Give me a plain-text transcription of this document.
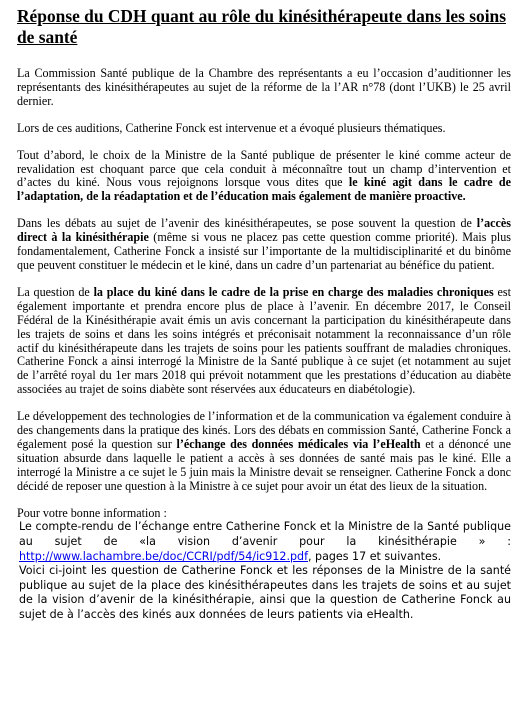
Réponse du CDH quant au rôle du kinésithérapeute dans les soins de santé

La Commission Santé publique de la Chambre des représentants a eu l’occasion d’auditionner les représentants des kinésithérapeutes au sujet de la réforme de la l’AR n°78 (dont l’UKB) le 25 avril dernier.

Lors de ces auditions, Catherine Fonck est intervenue et a évoqué plusieurs thématiques.

Tout d’abord, le choix de la Ministre de la Santé publique de présenter le kiné comme acteur de revalidation est choquant parce que cela conduit à méconnaître tout un champ d’intervention et d’actes du kiné. Nous vous rejoignons lorsque vous dites que le kiné agit dans le cadre de l’adaptation, de la réadaptation et de l’éducation mais également de manière proactive.

Dans les débats au sujet de l’avenir des kinésithérapeutes, se pose souvent la question de l’accès direct à la kinésithérapie (même si vous ne placez pas cette question comme priorité). Mais plus fondamentalement, Catherine Fonck a insisté sur l’importante de la multidisciplinarité et du binôme que peuvent constituer le médecin et le kiné, dans un cadre d’un partenariat au bénéfice du patient.

La question de la place du kiné dans le cadre de la prise en charge des maladies chroniques est également importante et prendra encore plus de place à l’avenir. En décembre 2017, le Conseil Fédéral de la Kinésithérapie avait émis un avis concernant la participation du kinésithérapeute dans les trajets de soins et dans les soins intégrés et préconisait notamment la reconnaissance d’un rôle actif du kinésithérapeute dans les trajets de soins pour les patients souffrant de maladies chroniques. Catherine Fonck a ainsi interrogé la Ministre de la Santé publique à ce sujet (et notamment au sujet de l’arrêté royal du 1er mars 2018 qui prévoit notamment que les prestations d’éducation au diabète associées au trajet de soins diabète sont réservées aux éducateurs en diabétologie).

Le développement des technologies de l’information et de la communication va également conduire à des changements dans la pratique des kinés. Lors des débats en commission Santé, Catherine Fonck a également posé la question sur l’échange des données médicales via l’eHealth et a dénoncé une situation absurde dans laquelle le patient a accès à ses données de santé mais pas le kiné. Elle a interrogé la Ministre a ce sujet le 5 juin mais la Ministre devait se renseigner. Catherine Fonck a donc décidé de reposer une question à la Ministre à ce sujet pour avoir un état des lieux de la situation.

Pour votre bonne information :

Le compte-rendu de l’échange entre Catherine Fonck et la Ministre de la Santé publique au sujet de «la vision d’avenir pour la kinésithérapie » : http://www.lachambre.be/doc/CCRI/pdf/54/ic912.pdf, pages 17 et suivantes.

Voici ci-joint les question de Catherine Fonck et les réponses de la Ministre de la santé publique au sujet de la place des kinésithérapeutes dans les trajets de soins et au sujet de la vision d’avenir de la kinésithérapie, ainsi que la question de Catherine Fonck au sujet de à l’accès des kinés aux données de leurs patients via eHealth.
